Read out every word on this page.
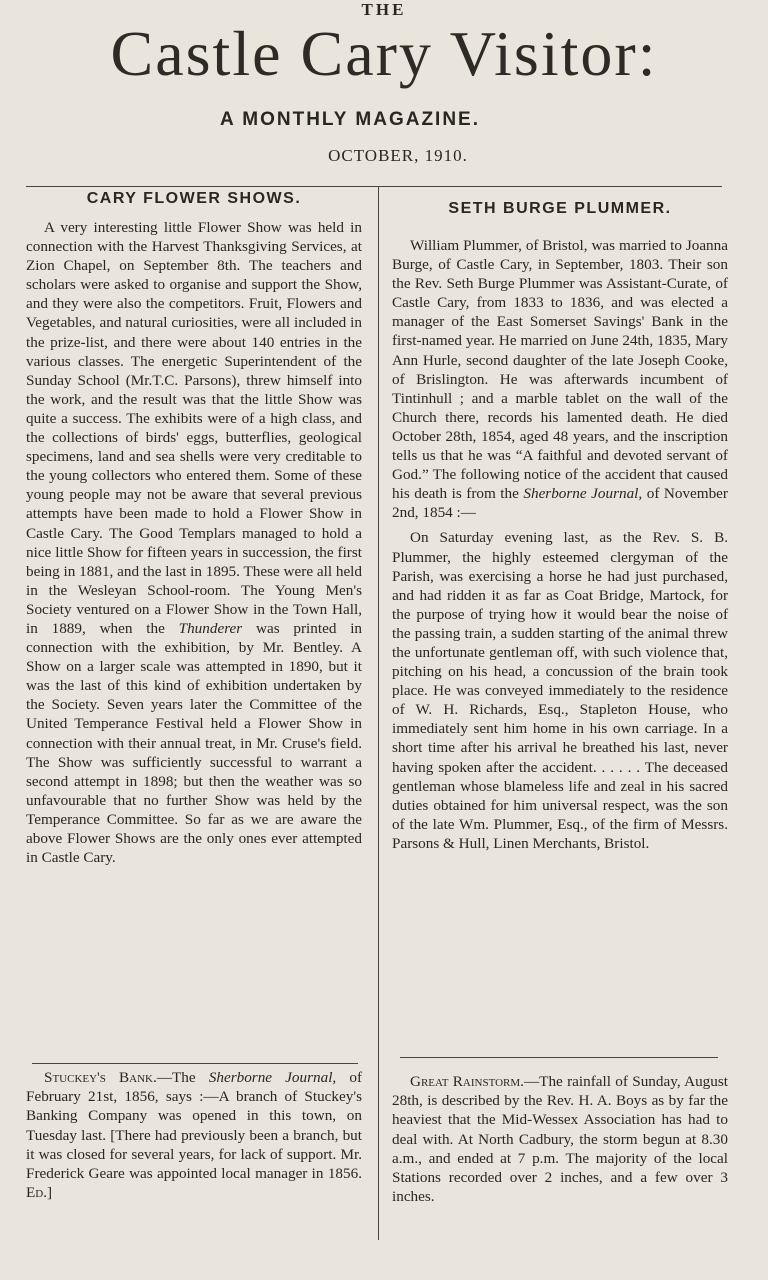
THE
Castle Cary Visitor:
A MONTHLY MAGAZINE.
OCTOBER, 1910.
CARY FLOWER SHOWS.

A very interesting little Flower Show was held in connection with the Harvest Thanksgiving Services, at Zion Chapel, on September 8th. The teachers and scholars were asked to organise and support the Show, and they were also the competitors. Fruit, Flowers and Vegetables, and natural curiosities, were all included in the prize-list, and there were about 140 entries in the various classes. The energetic Superintendent of the Sunday School (Mr.T.C. Parsons), threw himself into the work, and the result was that the little Show was quite a success. The exhibits were of a high class, and the collections of birds' eggs, butterflies, geological specimens, land and sea shells were very creditable to the young collectors who entered them. Some of these young people may not be aware that several previous attempts have been made to hold a Flower Show in Castle Cary. The Good Templars managed to hold a nice little Show for fifteen years in succession, the first being in 1881, and the last in 1895. These were all held in the Wesleyan School-room. The Young Men's Society ventured on a Flower Show in the Town Hall, in 1889, when the Thunderer was printed in connection with the exhibition, by Mr. Bentley. A Show on a larger scale was attempted in 1890, but it was the last of this kind of exhibition undertaken by the Society. Seven years later the Committee of the United Temperance Festival held a Flower Show in connection with their annual treat, in Mr. Cruse's field. The Show was sufficiently successful to warrant a second attempt in 1898; but then the weather was so unfavourable that no further Show was held by the Temperance Committee. So far as we are aware the above Flower Shows are the only ones ever attempted in Castle Cary.

Stuckey's Bank.—The Sherborne Journal, of February 21st, 1856, says :—A branch of Stuckey's Banking Company was opened in this town, on Tuesday last. [There had previously been a branch, but it was closed for several years, for lack of support. Mr. Frederick Geare was appointed local manager in 1856. Ed.]

SETH BURGE PLUMMER.

William Plummer, of Bristol, was married to Joanna Burge, of Castle Cary, in September, 1803. Their son the Rev. Seth Burge Plummer was Assistant-Curate, of Castle Cary, from 1833 to 1836, and was elected a manager of the East Somerset Savings' Bank in the first-named year. He married on June 24th, 1835, Mary Ann Hurle, second daughter of the late Joseph Cooke, of Brislington. He was afterwards incumbent of Tintinhull ; and a marble tablet on the wall of the Church there, records his lamented death. He died October 28th, 1854, aged 48 years, and the inscription tells us that he was “A faithful and devoted servant of God.” The following notice of the accident that caused his death is from the Sherborne Journal, of November 2nd, 1854 :—

On Saturday evening last, as the Rev. S. B. Plummer, the highly esteemed clergyman of the Parish, was exercising a horse he had just purchased, and had ridden it as far as Coat Bridge, Martock, for the purpose of trying how it would bear the noise of the passing train, a sudden starting of the animal threw the unfortunate gentleman off, with such violence that, pitching on his head, a concussion of the brain took place. He was conveyed immediately to the residence of W. H. Richards, Esq., Stapleton House, who immediately sent him home in his own carriage. In a short time after his arrival he breathed his last, never having spoken after the accident. . . . . . The deceased gentleman whose blameless life and zeal in his sacred duties obtained for him universal respect, was the son of the late Wm. Plummer, Esq., of the firm of Messrs. Parsons & Hull, Linen Merchants, Bristol.

Great Rainstorm.—The rainfall of Sunday, August 28th, is described by the Rev. H. A. Boys as by far the heaviest that the Mid-Wessex Association has had to deal with. At North Cadbury, the storm begun at 8.30 a.m., and ended at 7 p.m. The majority of the local Stations recorded over 2 inches, and a few over 3 inches.
